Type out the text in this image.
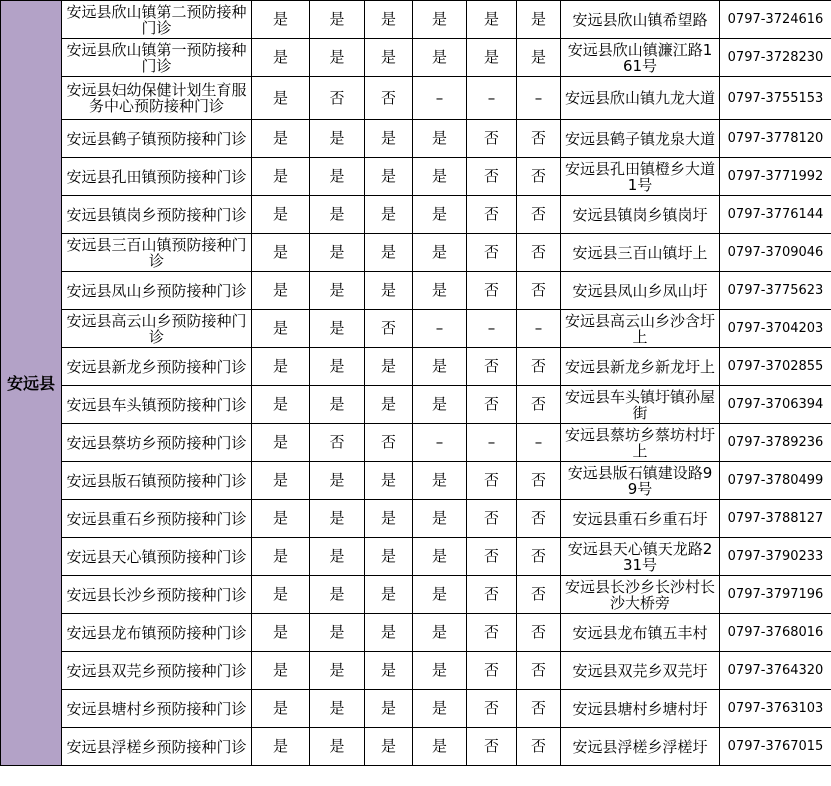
安远县	安远县欣山镇第二预防接种门诊	是	是	是	是	是	是	安远县欣山镇希望路	0797-3724616
	安远县欣山镇第一预防接种门诊	是	是	是	是	是	是	安远县欣山镇濂江路161号	0797-3728230
	安远县妇幼保健计划生育服务中心预防接种门诊	是	否	否	–	–	–	安远县欣山镇九龙大道	0797-3755153
	安远县鹤子镇预防接种门诊	是	是	是	是	否	否	安远县鹤子镇龙泉大道	0797-3778120
	安远县孔田镇预防接种门诊	是	是	是	是	否	否	安远县孔田镇橙乡大道1号	0797-3771992
	安远县镇岗乡预防接种门诊	是	是	是	是	否	否	安远县镇岗乡镇岗圩	0797-3776144
	安远县三百山镇预防接种门诊	是	是	是	是	否	否	安远县三百山镇圩上	0797-3709046
	安远县凤山乡预防接种门诊	是	是	是	是	否	否	安远县凤山乡凤山圩	0797-3775623
	安远县高云山乡预防接种门诊	是	是	否	–	–	–	安远县高云山乡沙含圩上	0797-3704203
	安远县新龙乡预防接种门诊	是	是	是	是	否	否	安远县新龙乡新龙圩上	0797-3702855
	安远县车头镇预防接种门诊	是	是	是	是	否	否	安远县车头镇圩镇孙屋街	0797-3706394
	安远县蔡坊乡预防接种门诊	是	否	否	–	–	–	安远县蔡坊乡蔡坊村圩上	0797-3789236
	安远县版石镇预防接种门诊	是	是	是	是	否	否	安远县版石镇建设路99号	0797-3780499
	安远县重石乡预防接种门诊	是	是	是	是	否	否	安远县重石乡重石圩	0797-3788127
	安远县天心镇预防接种门诊	是	是	是	是	否	否	安远县天心镇天龙路231号	0797-3790233
	安远县长沙乡预防接种门诊	是	是	是	是	否	否	安远县长沙乡长沙村长沙大桥旁	0797-3797196
	安远县龙布镇预防接种门诊	是	是	是	是	否	否	安远县龙布镇五丰村	0797-3768016
	安远县双芫乡预防接种门诊	是	是	是	是	否	否	安远县双芫乡双芫圩	0797-3764320
	安远县塘村乡预防接种门诊	是	是	是	是	否	否	安远县塘村乡塘村圩	0797-3763103
	安远县浮槎乡预防接种门诊	是	是	是	是	否	否	安远县浮槎乡浮槎圩	0797-3767015
